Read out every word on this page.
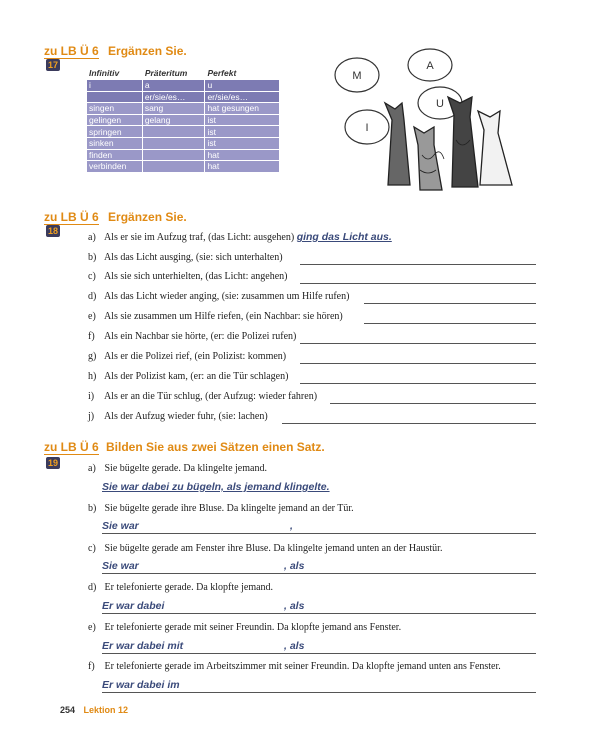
zu LB Ü 6 Ergänzen Sie.
17
Infinitiv	Präteritum	Perfekt
i	a	u
	er/sie/es…	er/sie/es…
singen	sang	hat gesungen
gelingen	gelang	ist
springen		ist
sinken		ist
finden		hat
verbinden		hat
M
A
U
I
zu LB Ü 6 Ergänzen Sie.
18
a) Als er sie im Aufzug traf, (das Licht: ausgehen) ging das Licht aus.
b) Als das Licht ausging, (sie: sich unterhalten)
c) Als sie sich unterhielten, (das Licht: angehen)
d) Als das Licht wieder anging, (sie: zusammen um Hilfe rufen)
e) Als sie zusammen um Hilfe riefen, (ein Nachbar: sie hören)
f) Als ein Nachbar sie hörte, (er: die Polizei rufen)
g) Als er die Polizei rief, (ein Polizist: kommen)
h) Als der Polizist kam, (er: an die Tür schlagen)
i) Als er an die Tür schlug, (der Aufzug: wieder fahren)
j) Als der Aufzug wieder fuhr, (sie: lachen)
zu LB Ü 6 Bilden Sie aus zwei Sätzen einen Satz.
19	a) Sie bügelte gerade. Da klingelte jemand.
Sie war dabei zu bügeln, als jemand klingelte.
b) Sie bügelte gerade ihre Bluse. Da klingelte jemand an der Tür.
Sie war	,
c) Sie bügelte gerade am Fenster ihre Bluse. Da klingelte jemand unten an der Haustür.
Sie war	, als
d) Er telefonierte gerade. Da klopfte jemand.
Er war dabei	, als
e) Er telefonierte gerade mit seiner Freundin. Da klopfte jemand ans Fenster.
Er war dabei mit	, als
f) Er telefonierte gerade im Arbeitszimmer mit seiner Freundin. Da klopfte jemand unten ans Fenster.
Er war dabei im
254 Lektion 12
